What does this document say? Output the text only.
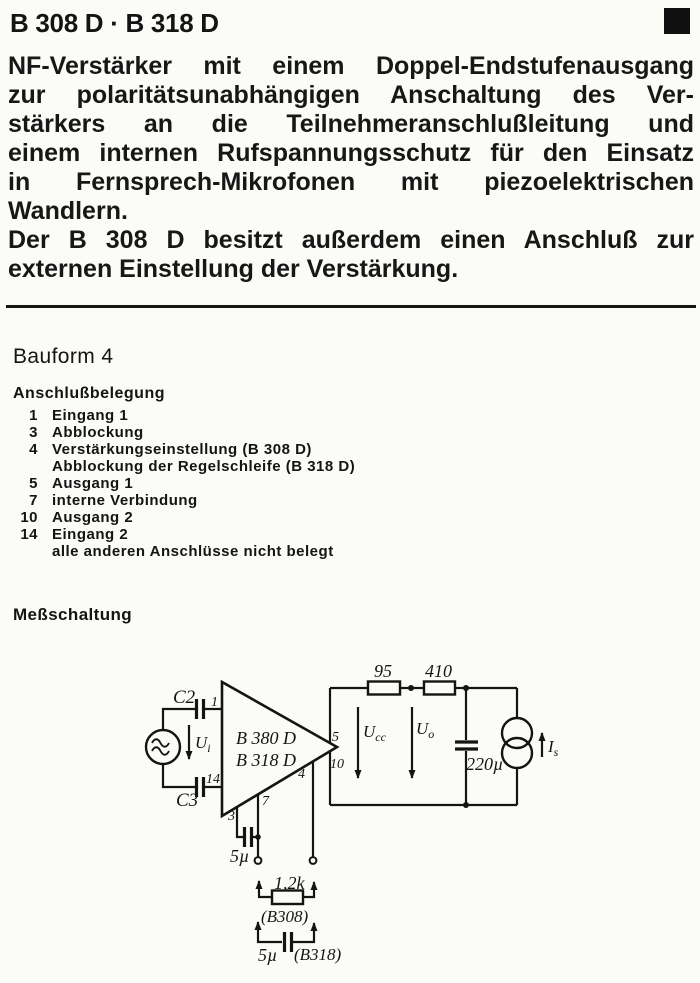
B 308 D · B 318 D
NF-Verstärker mit einem Doppel-Endstufenausgang
zur polaritätsunabhängigen Anschaltung des Ver-
stärkers an die Teilnehmeranschlußleitung und
einem internen Rufspannungsschutz für den Einsatz
in Fernsprech-Mikrofonen mit piezoelektrischen
Wandlern.
Der B 308 D besitzt außerdem einen Anschluß zur
externen Einstellung der Verstärkung.
Bauform 4
Anschlußbelegung
1 Eingang 1
3 Abblockung
4 Verstärkungseinstellung (B 308 D)
Abblockung der Regelschleife (B 318 D)
5 Ausgang 1
7 interne Verbindung
10 Ausgang 2
14 Eingang 2
alle anderen Anschlüsse nicht belegt
Meßschaltung
95 410
$U_{cc}$ $U_o$
220µ
$I_s$
C2
C3
$U_i$ B 380 D
B 318 D
1
14
5
10
3
7
4
5µ
1,2k
(B308)
5µ (B318)
